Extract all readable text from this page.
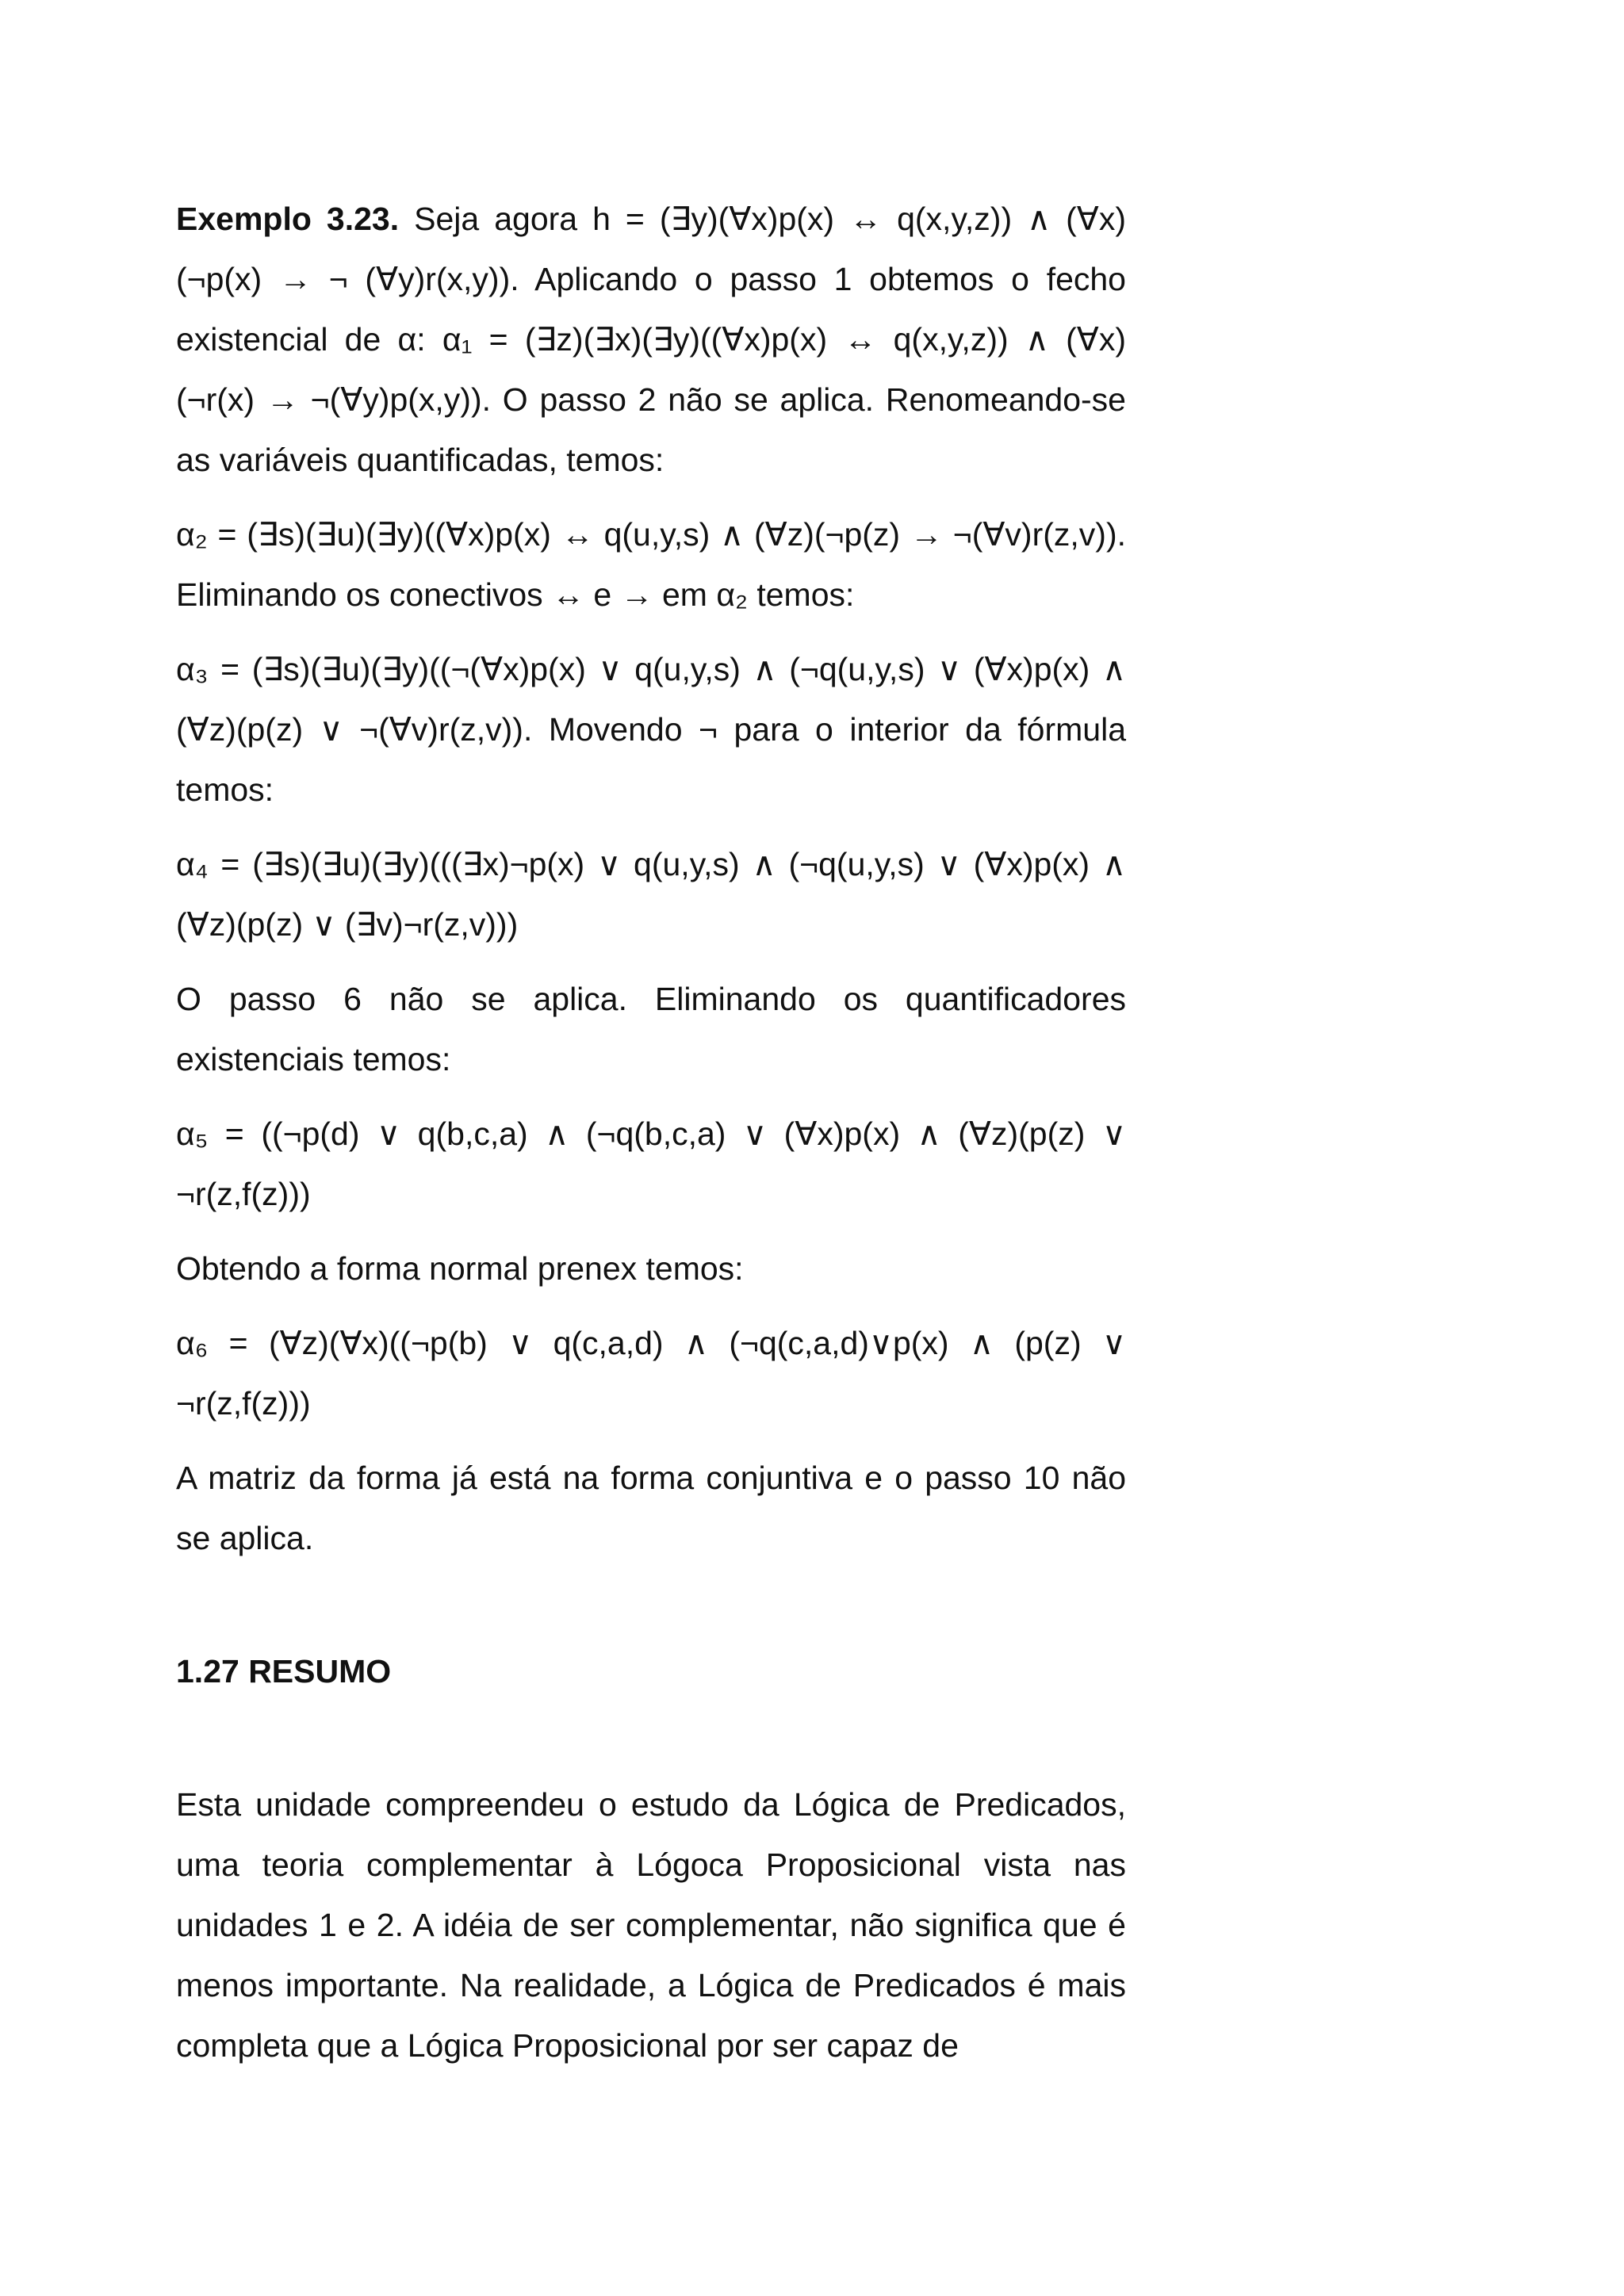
Exemplo 3.23. Seja agora h = (∃y)(∀x)p(x) ↔ q(x,y,z)) ∧ (∀x)(¬p(x) → ¬ (∀y)r(x,y)). Aplicando o passo 1 obtemos o fecho existencial de α: α₁ = (∃z)(∃x)(∃y)((∀x)p(x) ↔ q(x,y,z)) ∧ (∀x)(¬r(x) → ¬(∀y)p(x,y)). O passo 2 não se aplica. Renomeando-se as variáveis quantificadas, temos:

α₂ = (∃s)(∃u)(∃y)((∀x)p(x) ↔ q(u,y,s) ∧ (∀z)(¬p(z) → ¬(∀v)r(z,v)). Eliminando os conectivos ↔ e → em α₂ temos:

α₃ = (∃s)(∃u)(∃y)((¬(∀x)p(x) ∨ q(u,y,s) ∧ (¬q(u,y,s) ∨ (∀x)p(x) ∧ (∀z)(p(z) ∨ ¬(∀v)r(z,v)). Movendo ¬ para o interior da fórmula temos:

α₄ = (∃s)(∃u)(∃y)(((∃x)¬p(x) ∨ q(u,y,s) ∧ (¬q(u,y,s) ∨ (∀x)p(x) ∧ (∀z)(p(z) ∨ (∃v)¬r(z,v)))

O passo 6 não se aplica. Eliminando os quantificadores existenciais temos:

α₅ = ((¬p(d) ∨ q(b,c,a) ∧ (¬q(b,c,a) ∨ (∀x)p(x) ∧ (∀z)(p(z) ∨ ¬r(z,f(z)))

Obtendo a forma normal prenex temos:

α₆ = (∀z)(∀x)((¬p(b) ∨ q(c,a,d) ∧ (¬q(c,a,d)∨p(x) ∧ (p(z) ∨ ¬r(z,f(z)))

A matriz da forma já está na forma conjuntiva e o passo 10 não se aplica.

1.27 RESUMO

Esta unidade compreendeu o estudo da Lógica de Predicados, uma teoria complementar à Lógoca Proposicional vista nas unidades 1 e 2. A idéia de ser complementar, não significa que é menos importante. Na realidade, a Lógica de Predicados é mais completa que a Lógica Proposicional por ser capaz de
